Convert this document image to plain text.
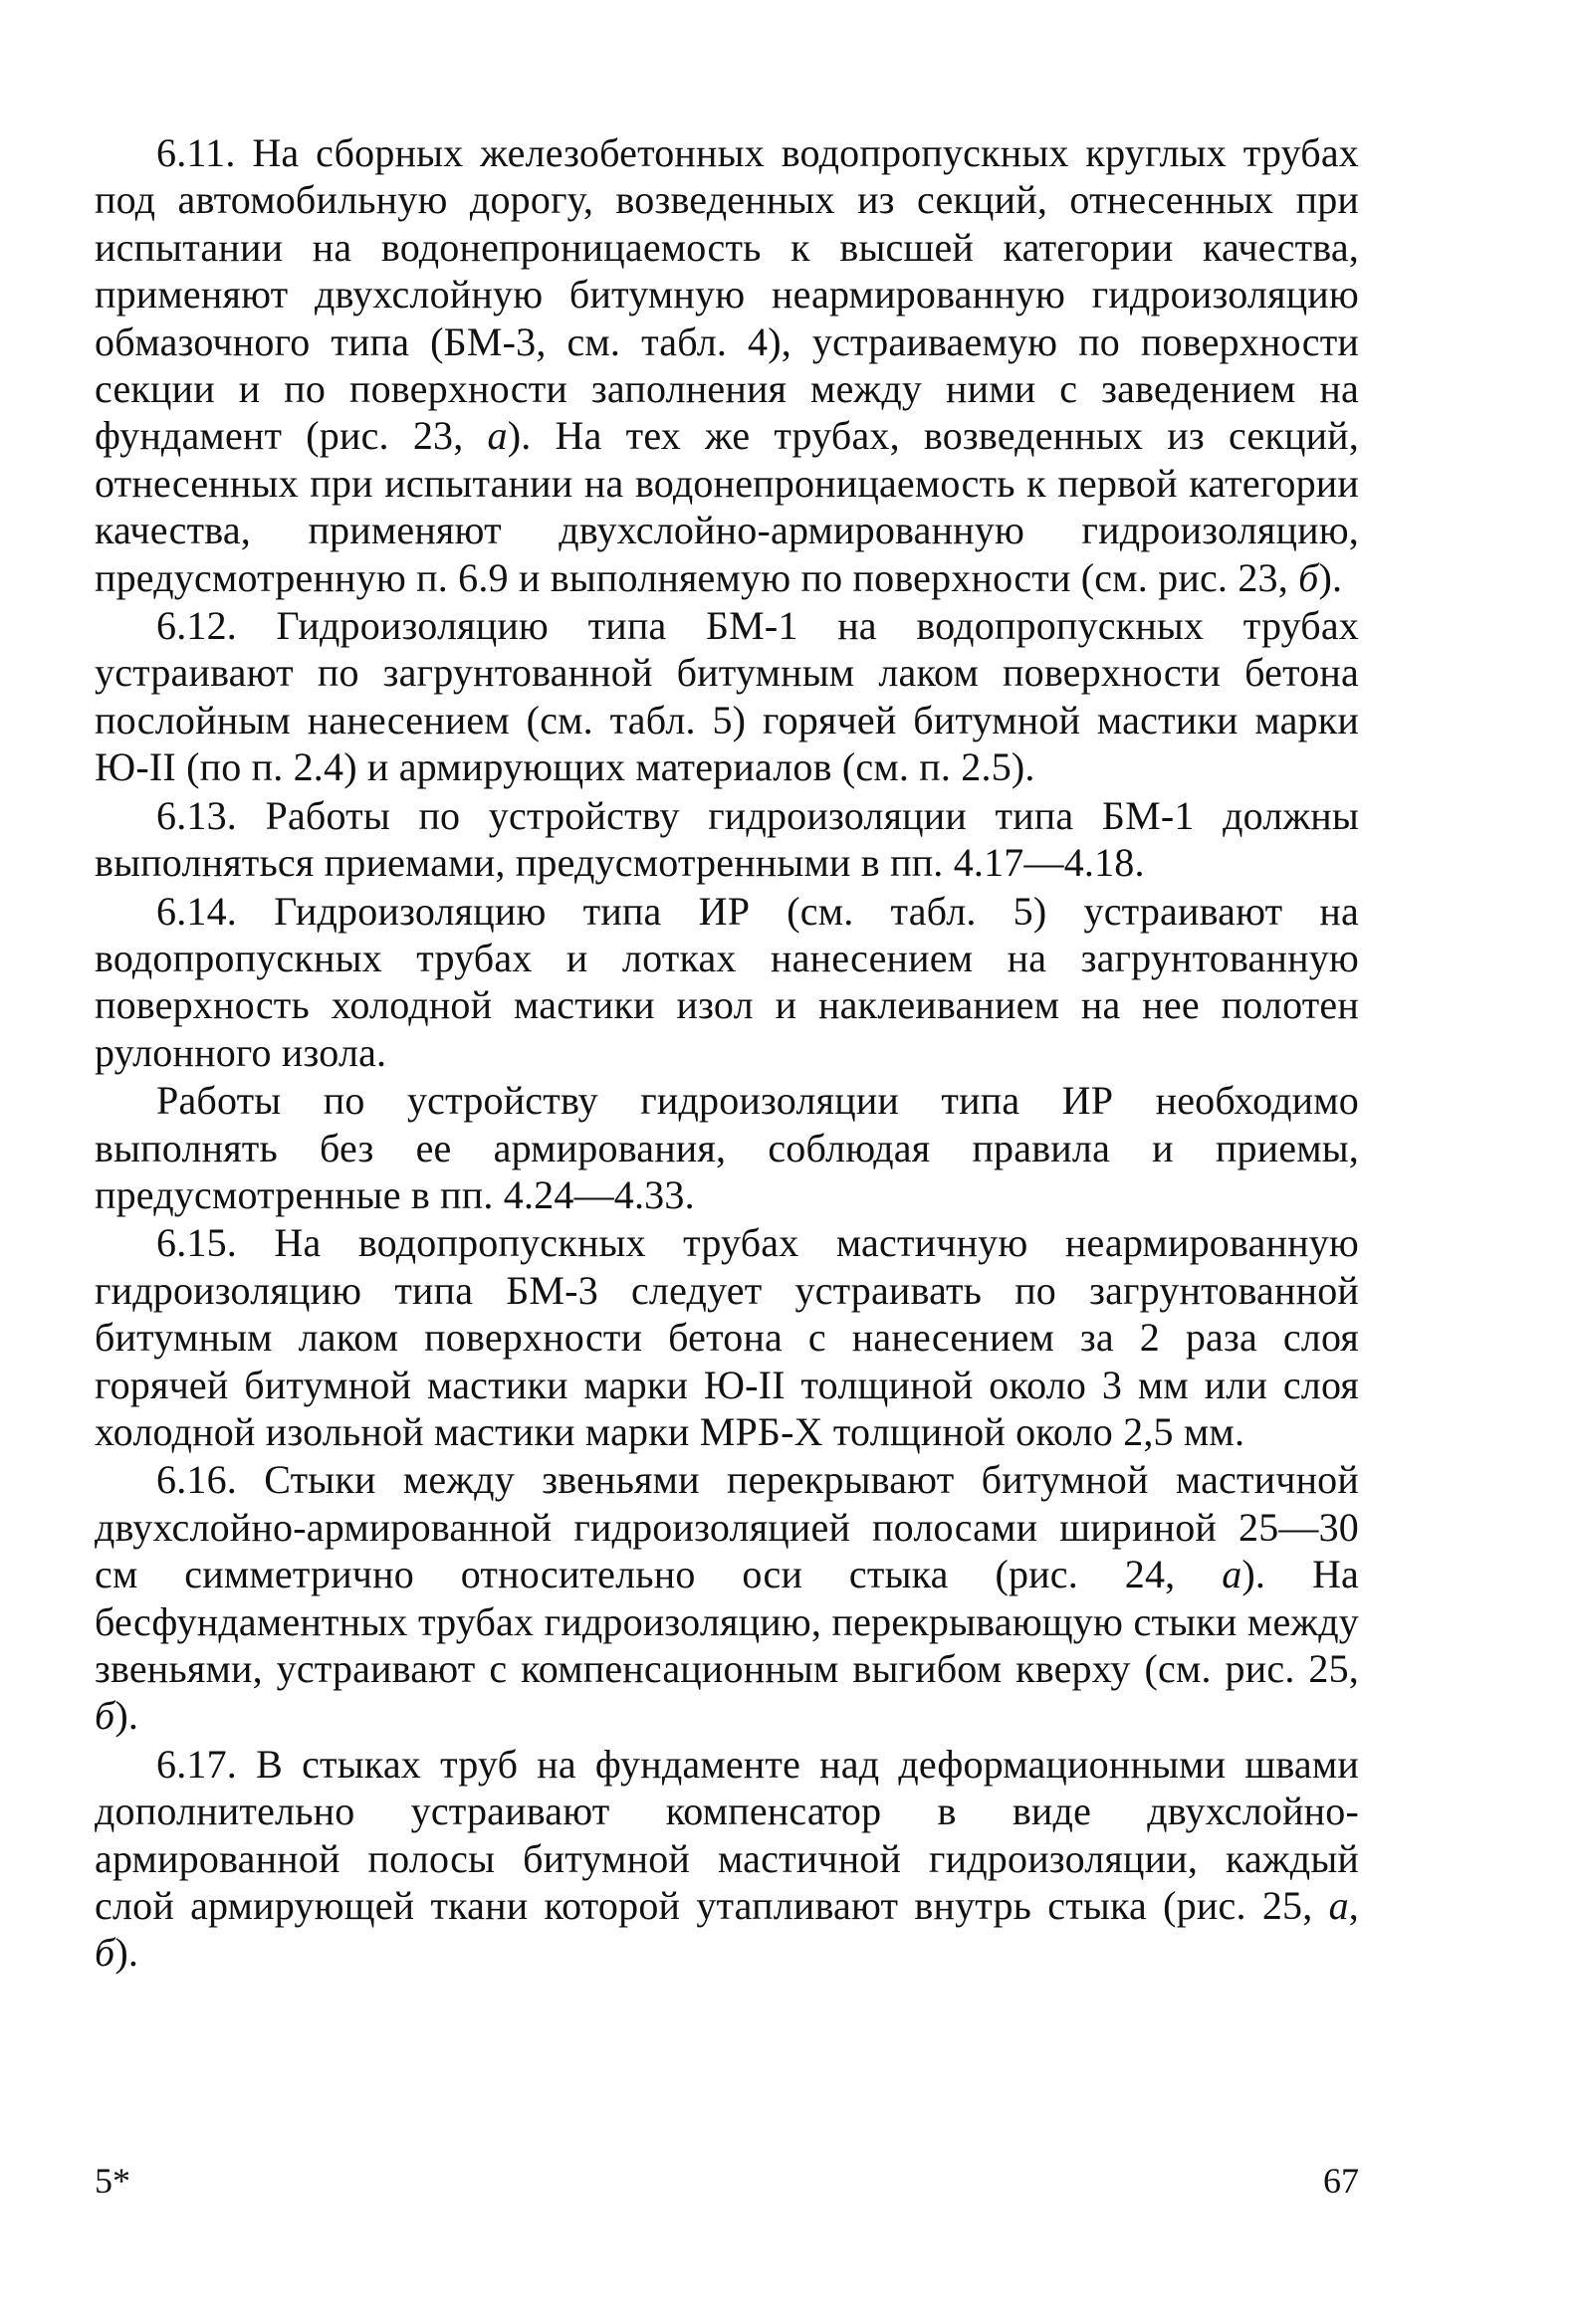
6.11. На сборных железобетонных водопропускных круглых трубах под автомобильную дорогу, возведенных из секций, отнесенных при испытании на водонепроницаемость к высшей категории качества, применяют двухслойную битумную неармированную гидроизоляцию обмазочного типа (БМ-3, см. табл. 4), устраиваемую по поверхности секции и по поверхности заполнения между ними с заведением на фундамент (рис. 23, а). На тех же трубах, возведенных из секций, отнесенных при испытании на водонепроницаемость к первой категории качества, применяют двухслойно-армированную гидроизоляцию, предусмотренную п. 6.9 и выполняемую по поверхности (см. рис. 23, б).

6.12. Гидроизоляцию типа БМ-1 на водопропускных трубах устраивают по загрунтованной битумным лаком поверхности бетона послойным нанесением (см. табл. 5) горячей битумной мастики марки Ю-II (по п. 2.4) и армирующих материалов (см. п. 2.5).

6.13. Работы по устройству гидроизоляции типа БМ-1 должны выполняться приемами, предусмотренными в пп. 4.17—4.18.

6.14. Гидроизоляцию типа ИР (см. табл. 5) устраивают на водопропускных трубах и лотках нанесением на загрунтованную поверхность холодной мастики изол и наклеиванием на нее полотен рулонного изола.

Работы по устройству гидроизоляции типа ИР необходимо выполнять без ее армирования, соблюдая правила и приемы, предусмотренные в пп. 4.24—4.33.

6.15. На водопропускных трубах мастичную неармированную гидроизоляцию типа БМ-3 следует устраивать по загрунтованной битумным лаком поверхности бетона с нанесением за 2 раза слоя горячей битумной мастики марки Ю-II толщиной около 3 мм или слоя холодной изольной мастики марки МРБ-Х толщиной около 2,5 мм.

6.16. Стыки между звеньями перекрывают битумной мастичной двухслойно-армированной гидроизоляцией полосами шириной 25—30 см симметрично относительно оси стыка (рис. 24, а). На бесфундаментных трубах гидроизоляцию, перекрывающую стыки между звеньями, устраивают с компенсационным выгибом кверху (см. рис. 25, б).

6.17. В стыках труб на фундаменте над деформационными швами дополнительно устраивают компенсатор в виде двухслойно-армированной полосы битумной мастичной гидроизоляции, каждый слой армирующей ткани которой утапливают внутрь стыка (рис. 25, а, б).

5*	67
